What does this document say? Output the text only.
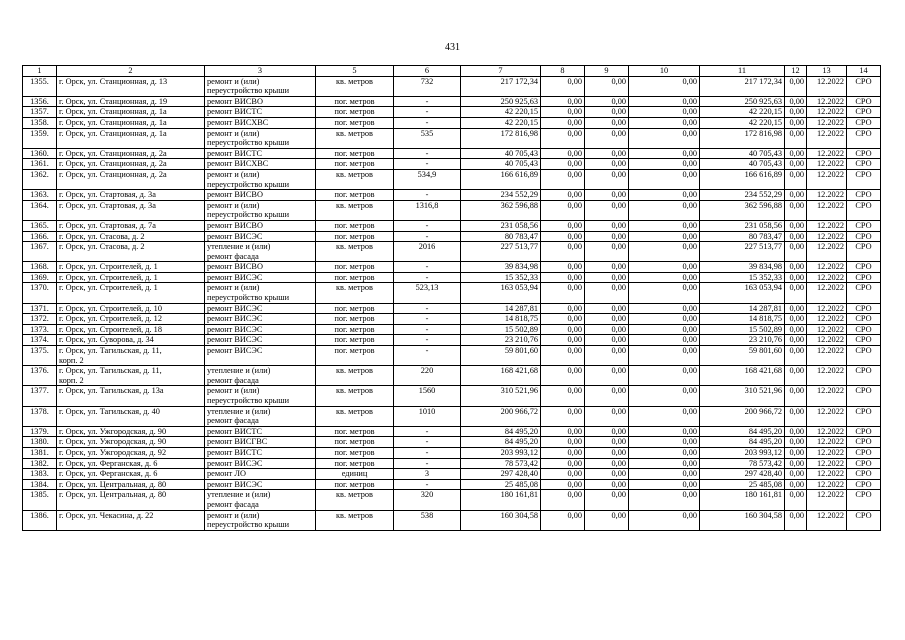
431
1	2	3	5	6	7	8	9	10	11	12	13	14
1355.	г. Орск, ул. Станционная, д. 13	ремонт и (или)
переустройство крыши	кв. метров	732	217 172,34	0,00	0,00	0,00	217 172,34	0,00	12.2022	СРО
1356.	г. Орск, ул. Станционная, д. 19	ремонт ВИСВО	пог. метров	-	250 925,63	0,00	0,00	0,00	250 925,63	0,00	12.2022	СРО
1357.	г. Орск, ул. Станционная, д. 1а	ремонт ВИСТС	пог. метров	-	42 220,15	0,00	0,00	0,00	42 220,15	0,00	12.2022	СРО
1358.	г. Орск, ул. Станционная, д. 1а	ремонт ВИСХВС	пог. метров	-	42 220,15	0,00	0,00	0,00	42 220,15	0,00	12.2022	СРО
1359.	г. Орск, ул. Станционная, д. 1а	ремонт и (или)
переустройство крыши	кв. метров	535	172 816,98	0,00	0,00	0,00	172 816,98	0,00	12.2022	СРО
1360.	г. Орск, ул. Станционная, д. 2а	ремонт ВИСТС	пог. метров	-	40 705,43	0,00	0,00	0,00	40 705,43	0,00	12.2022	СРО
1361.	г. Орск, ул. Станционная, д. 2а	ремонт ВИСХВС	пог. метров	-	40 705,43	0,00	0,00	0,00	40 705,43	0,00	12.2022	СРО
1362.	г. Орск, ул. Станционная, д. 2а	ремонт и (или)
переустройство крыши	кв. метров	534,9	166 616,89	0,00	0,00	0,00	166 616,89	0,00	12.2022	СРО
1363.	г. Орск, ул. Стартовая, д. 3а	ремонт ВИСВО	пог. метров	-	234 552,29	0,00	0,00	0,00	234 552,29	0,00	12.2022	СРО
1364.	г. Орск, ул. Стартовая, д. 3а	ремонт и (или)
переустройство крыши	кв. метров	1316,8	362 596,88	0,00	0,00	0,00	362 596,88	0,00	12.2022	СРО
1365.	г. Орск, ул. Стартовая, д. 7а	ремонт ВИСВО	пог. метров	-	231 058,56	0,00	0,00	0,00	231 058,56	0,00	12.2022	СРО
1366.	г. Орск, ул. Стасова, д. 2	ремонт ВИСЭС	пог. метров	-	80 783,47	0,00	0,00	0,00	80 783,47	0,00	12.2022	СРО
1367.	г. Орск, ул. Стасова, д. 2	утепление и (или)
ремонт фасада	кв. метров	2016	227 513,77	0,00	0,00	0,00	227 513,77	0,00	12.2022	СРО
1368.	г. Орск, ул. Строителей, д. 1	ремонт ВИСВО	пог. метров	-	39 834,98	0,00	0,00	0,00	39 834,98	0,00	12.2022	СРО
1369.	г. Орск, ул. Строителей, д. 1	ремонт ВИСЭС	пог. метров	-	15 352,33	0,00	0,00	0,00	15 352,33	0,00	12.2022	СРО
1370.	г. Орск, ул. Строителей, д. 1	ремонт и (или)
переустройство крыши	кв. метров	523,13	163 053,94	0,00	0,00	0,00	163 053,94	0,00	12.2022	СРО
1371.	г. Орск, ул. Строителей, д. 10	ремонт ВИСЭС	пог. метров	-	14 287,81	0,00	0,00	0,00	14 287,81	0,00	12.2022	СРО
1372.	г. Орск, ул. Строителей, д. 12	ремонт ВИСЭС	пог. метров	-	14 818,75	0,00	0,00	0,00	14 818,75	0,00	12.2022	СРО
1373.	г. Орск, ул. Строителей, д. 18	ремонт ВИСЭС	пог. метров	-	15 502,89	0,00	0,00	0,00	15 502,89	0,00	12.2022	СРО
1374.	г. Орск, ул. Суворова, д. 34	ремонт ВИСЭС	пог. метров	-	23 210,76	0,00	0,00	0,00	23 210,76	0,00	12.2022	СРО
1375.	г. Орск, ул. Тагильская, д. 11,
корп. 2	ремонт ВИСЭС	пог. метров	-	59 801,60	0,00	0,00	0,00	59 801,60	0,00	12.2022	СРО
1376.	г. Орск, ул. Тагильская, д. 11,
корп. 2	утепление и (или)
ремонт фасада	кв. метров	220	168 421,68	0,00	0,00	0,00	168 421,68	0,00	12.2022	СРО
1377.	г. Орск, ул. Тагильская, д. 13а	ремонт и (или)
переустройство крыши	кв. метров	1560	310 521,96	0,00	0,00	0,00	310 521,96	0,00	12.2022	СРО
1378.	г. Орск, ул. Тагильская, д. 40	утепление и (или)
ремонт фасада	кв. метров	1010	200 966,72	0,00	0,00	0,00	200 966,72	0,00	12.2022	СРО
1379.	г. Орск, ул. Ужгородская, д. 90	ремонт ВИСТС	пог. метров	-	84 495,20	0,00	0,00	0,00	84 495,20	0,00	12.2022	СРО
1380.	г. Орск, ул. Ужгородская, д. 90	ремонт ВИСГВС	пог. метров	-	84 495,20	0,00	0,00	0,00	84 495,20	0,00	12.2022	СРО
1381.	г. Орск, ул. Ужгородская, д. 92	ремонт ВИСТС	пог. метров	-	203 993,12	0,00	0,00	0,00	203 993,12	0,00	12.2022	СРО
1382.	г. Орск, ул. Ферганская, д. 6	ремонт ВИСЭС	пог. метров	-	78 573,42	0,00	0,00	0,00	78 573,42	0,00	12.2022	СРО
1383.	г. Орск, ул. Ферганская, д. 6	ремонт ЛО	единиц	3	297 428,40	0,00	0,00	0,00	297 428,40	0,00	12.2022	СРО
1384.	г. Орск, ул. Центральная, д. 80	ремонт ВИСЭС	пог. метров	-	25 485,08	0,00	0,00	0,00	25 485,08	0,00	12.2022	СРО
1385.	г. Орск, ул. Центральная, д. 80	утепление и (или)
ремонт фасада	кв. метров	320	180 161,81	0,00	0,00	0,00	180 161,81	0,00	12.2022	СРО
1386.	г. Орск, ул. Чекасина, д. 22	ремонт и (или)
переустройство крыши	кв. метров	538	160 304,58	0,00	0,00	0,00	160 304,58	0,00	12.2022	СРО
